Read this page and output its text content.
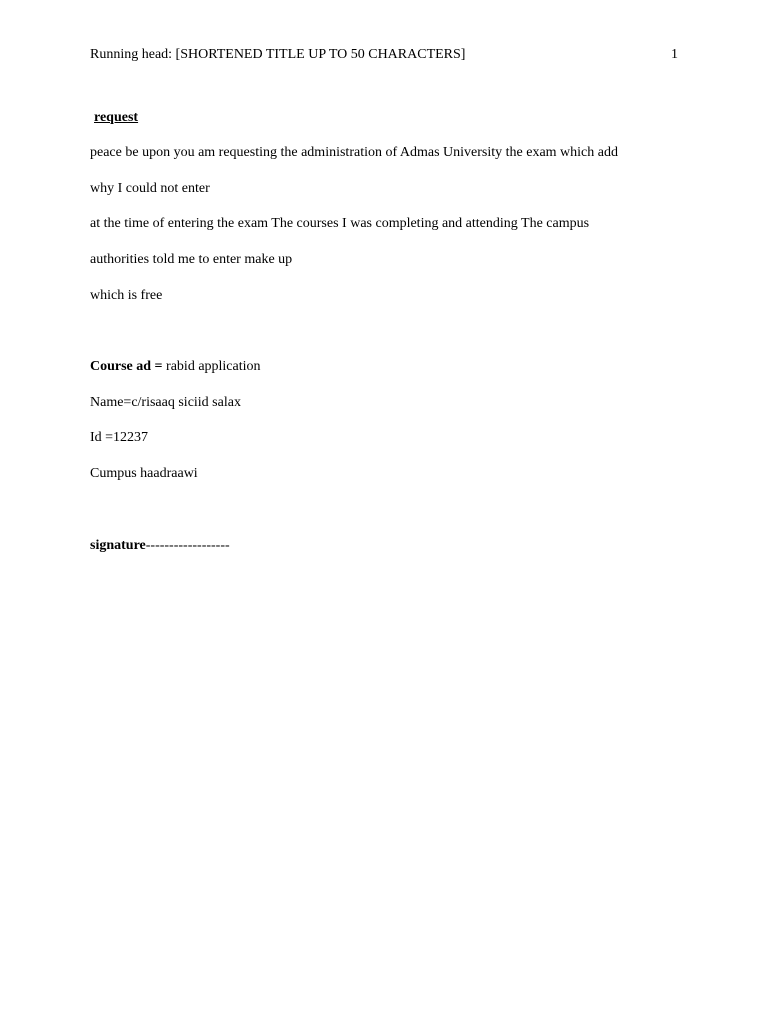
Running head: [SHORTENED TITLE UP TO 50 CHARACTERS]	1
request
peace be upon you am requesting the administration of Admas University the exam which add
why I could not enter
at the time of entering the exam The courses I was completing and attending The campus
authorities told me to enter make up
which is free
Course ad = rabid application
Name=c/risaaq siciid salax
Id =12237
Cumpus haadraawi
signature------------------
